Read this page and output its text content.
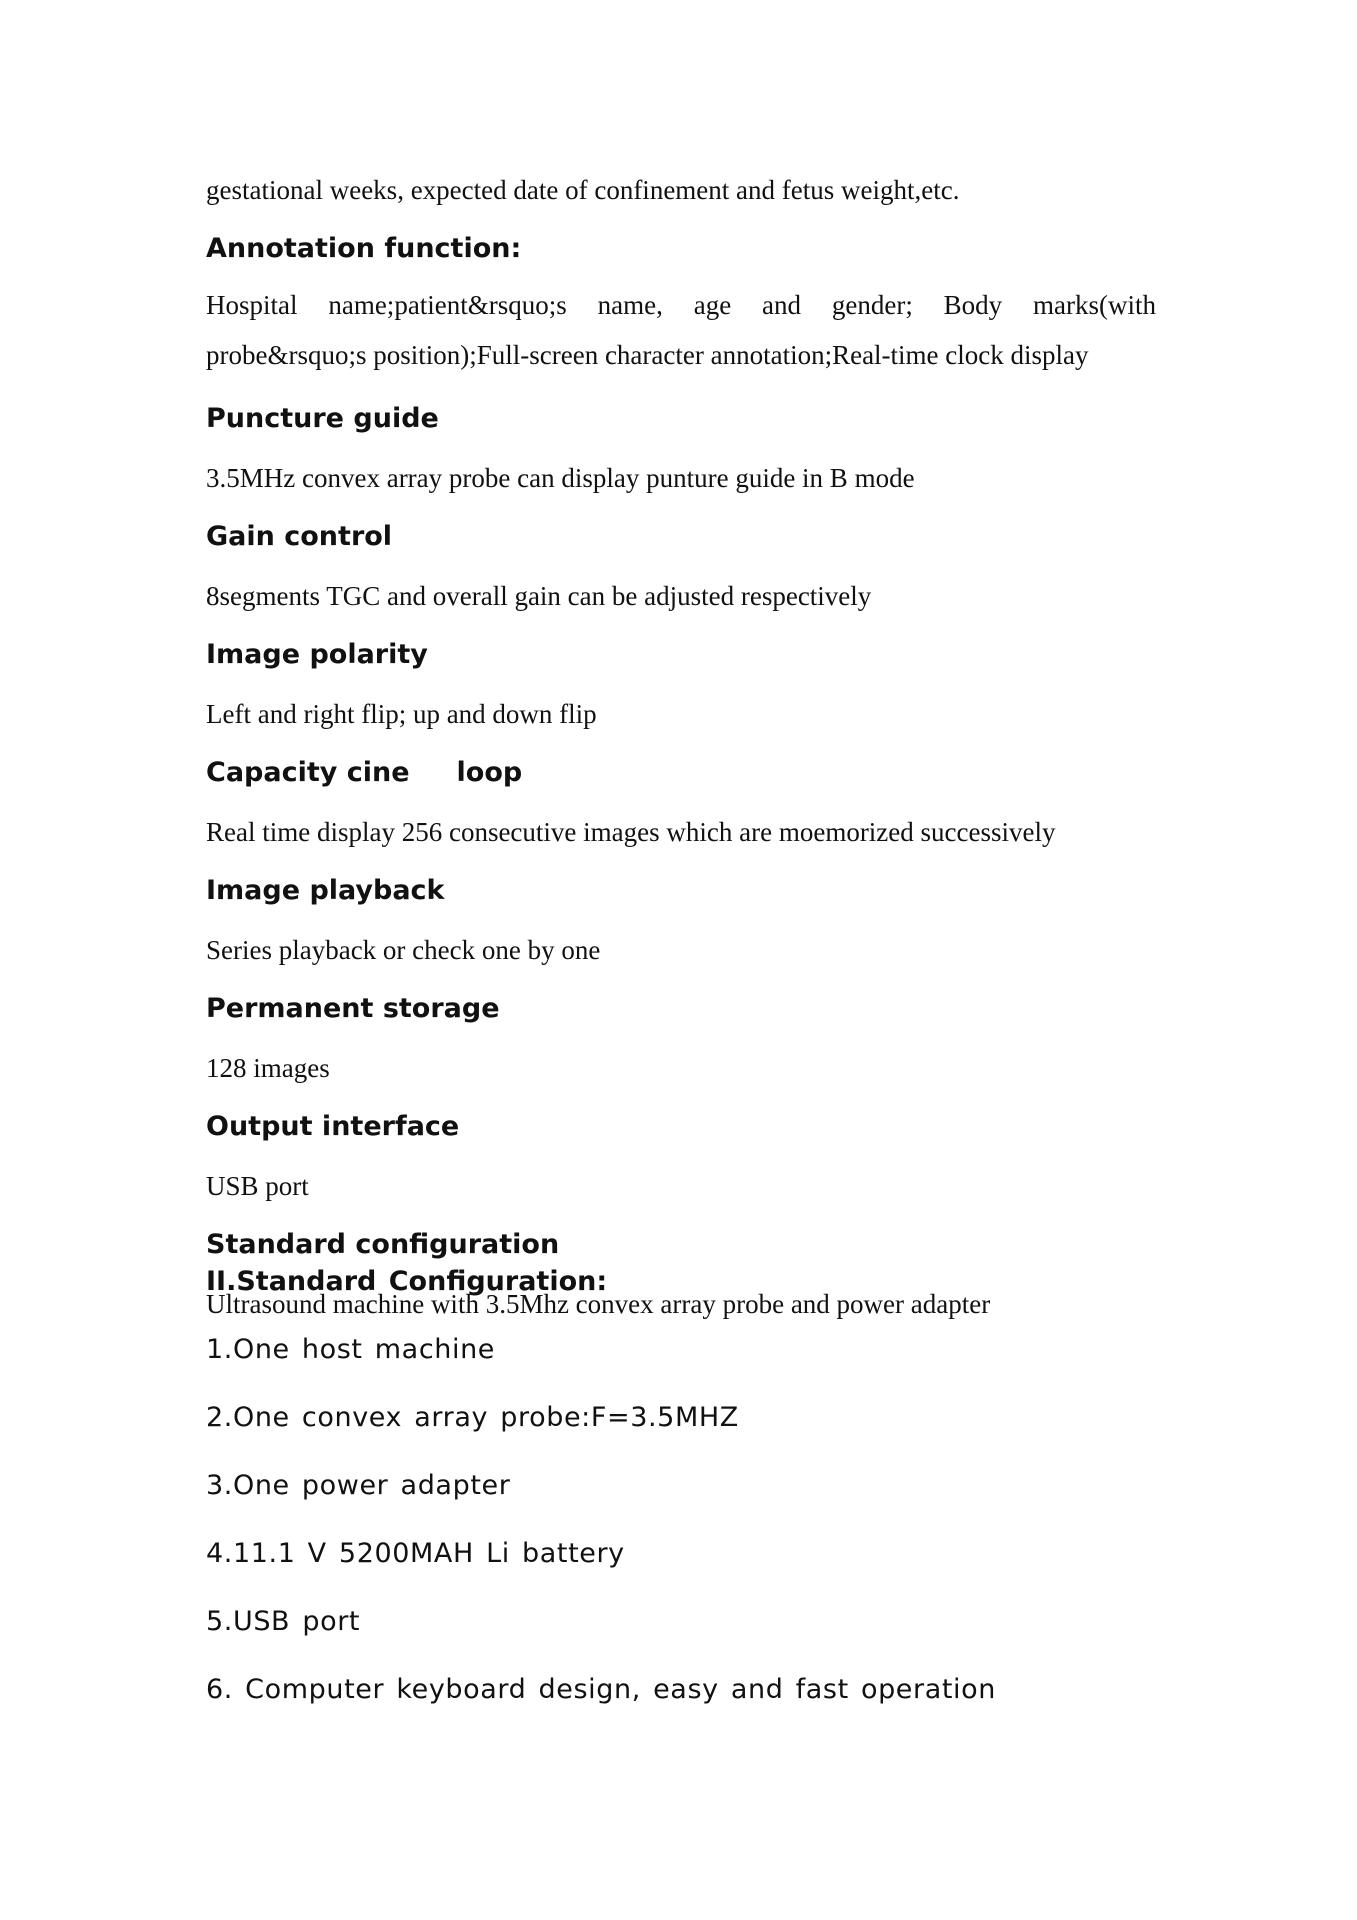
gestational weeks, expected date of confinement and fetus weight,etc.

Annotation function:

Hospital name;patient&rsquo;s name, age and gender; Body marks(with
probe&rsquo;s position);Full-screen character annotation;Real-time clock display

Puncture guide

3.5MHz convex array probe can display punture guide in B mode

Gain control

8segments TGC and overall gain can be adjusted respectively

Image polarity

Left and right flip; up and down flip

Capacity cine     loop

Real time display 256 consecutive images which are moemorized successively

Image playback

Series playback or check one by one

Permanent storage

128 images

Output interface

USB port

Standard configuration

Ultrasound machine with 3.5Mhz convex array probe and power adapter

II.Standard Configuration:

1.One host machine

2.One convex array probe:F=3.5MHZ

3.One power adapter

4.11.1 V 5200MAH Li battery

5.USB port

6. Computer keyboard design, easy and fast operation
